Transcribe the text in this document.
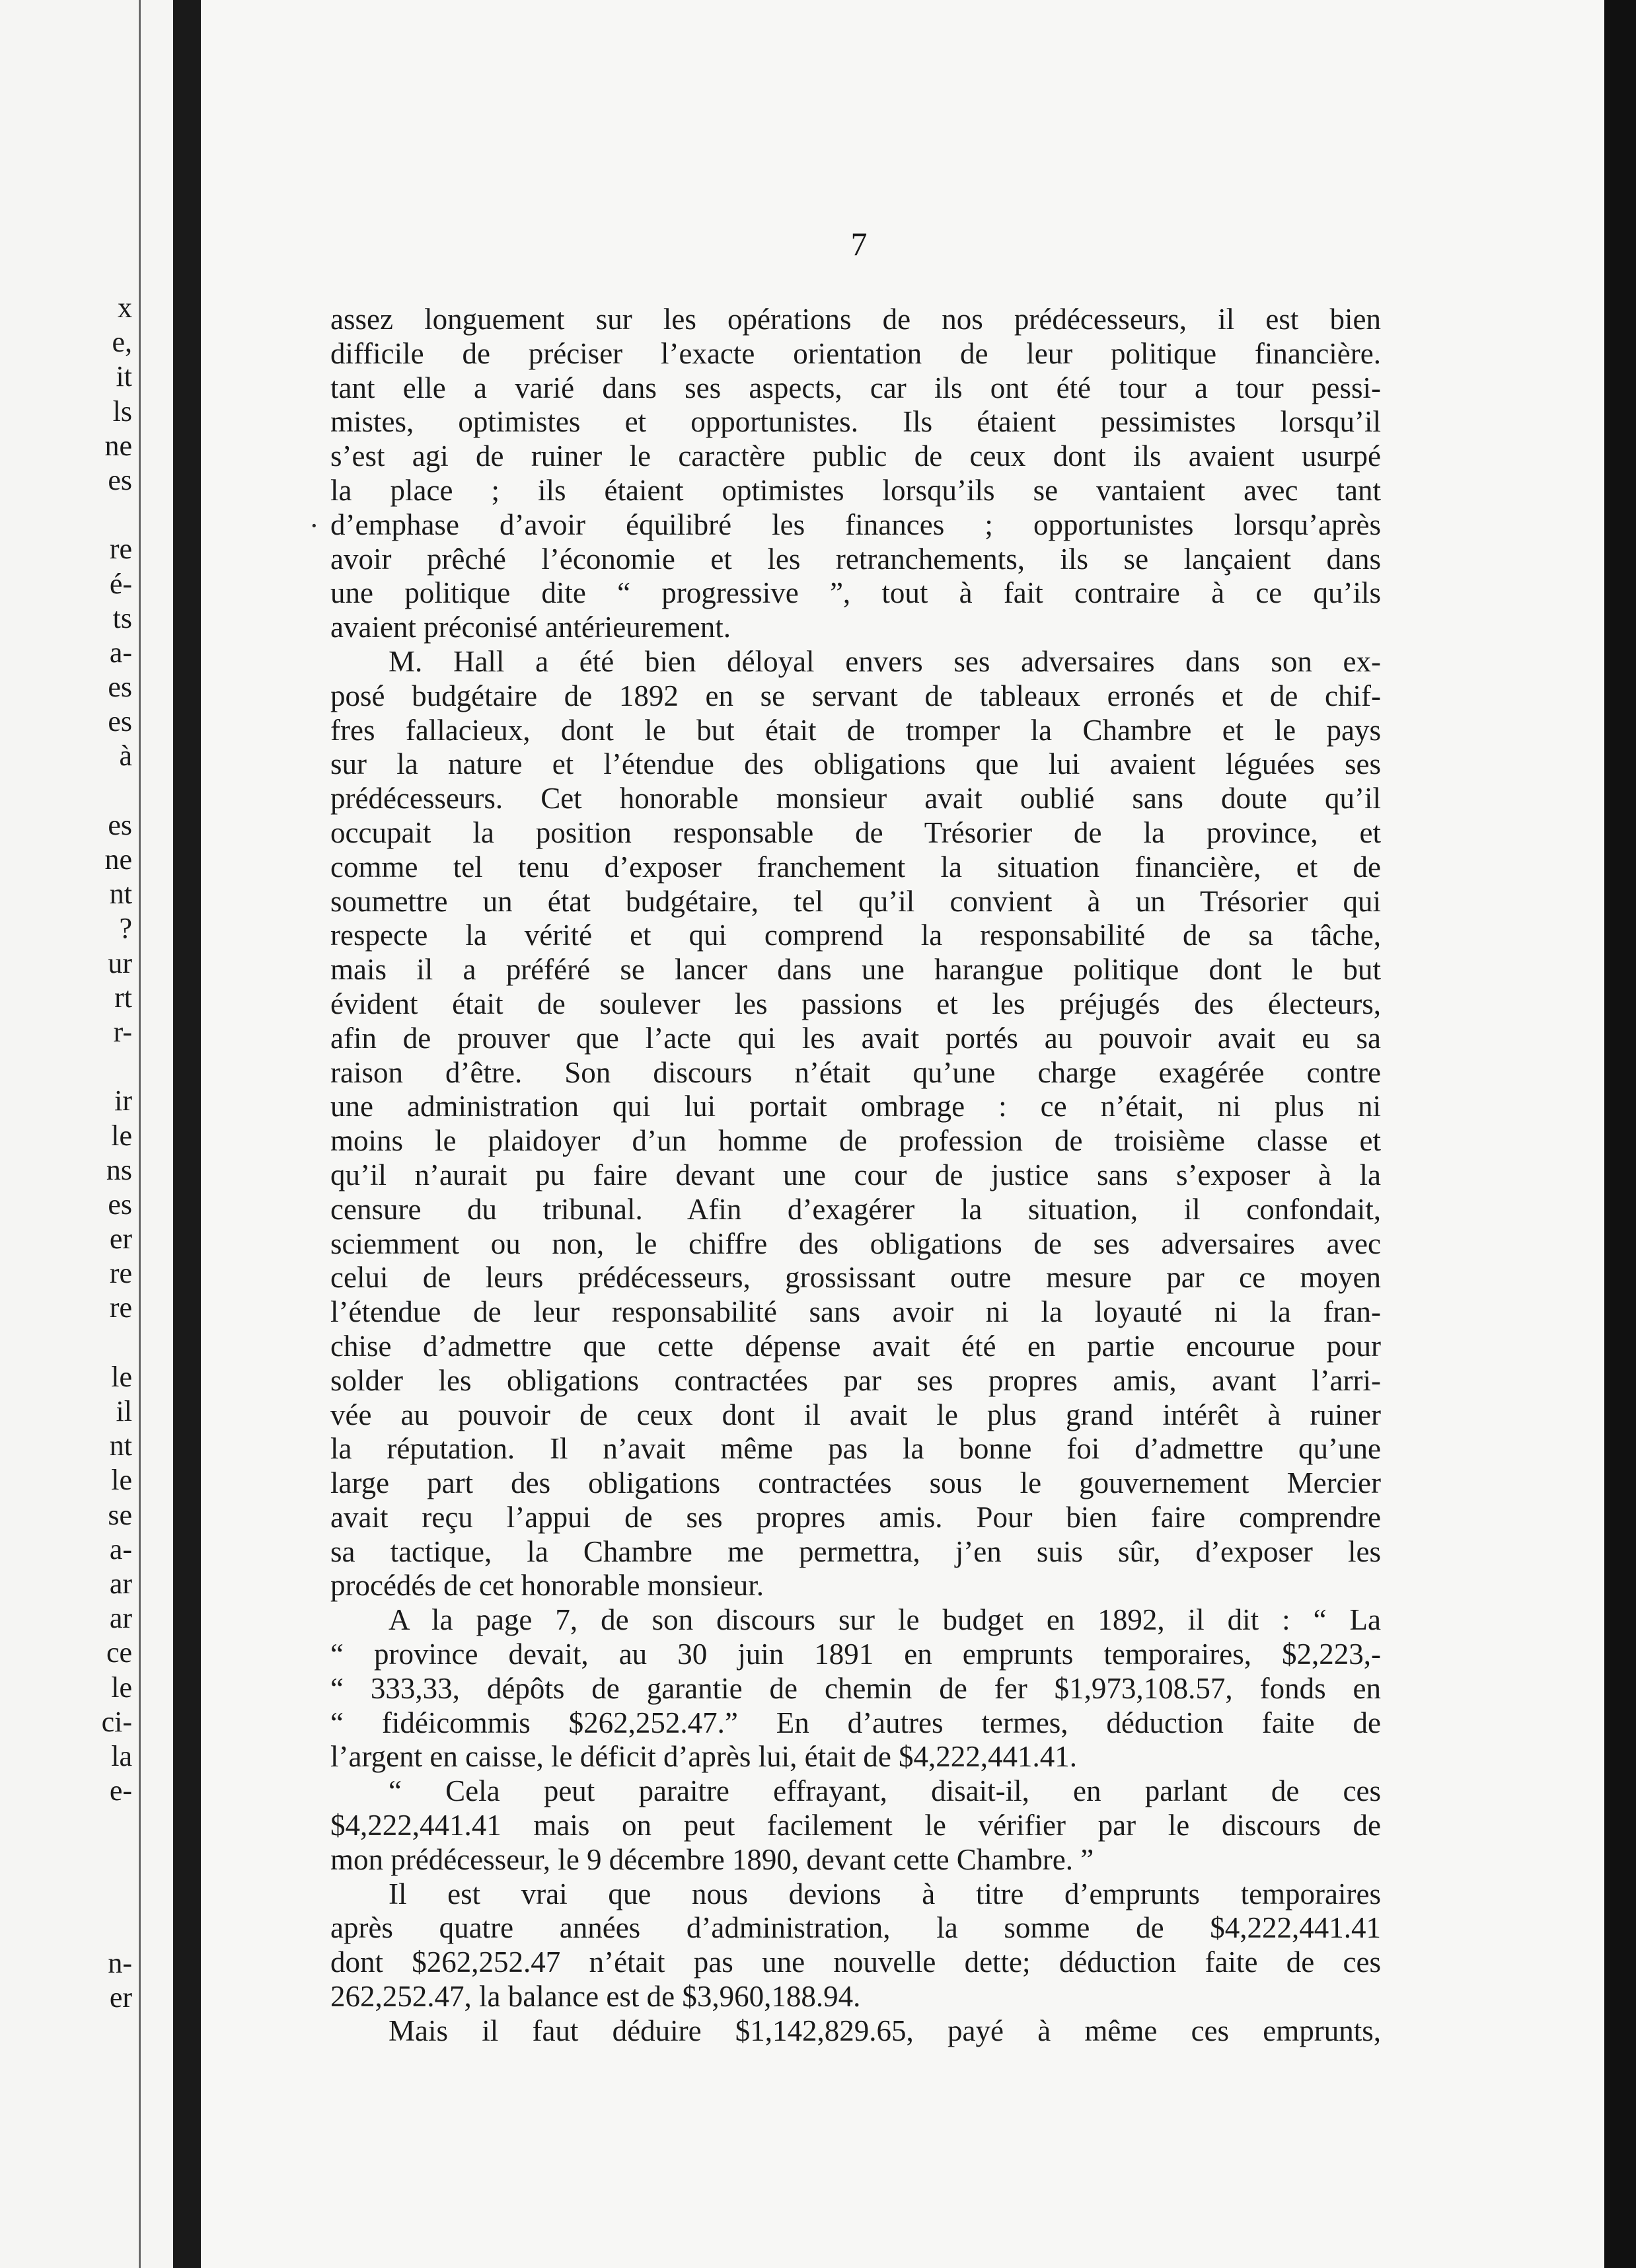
x
e,
it
ls
ne
es
re
é-
ts
a-
es
es
à
es
ne
nt
?
ur
rt
r-
ir
le
ns
es
er
re
re
le
il
nt
le
se
a-
ar
ar
ce
le
ci-
la
e-
n-
er
7
·
assez longuement sur les opérations de nos prédécesseurs, il est bien
difficile de préciser l’exacte orientation de leur politique financière.
tant elle a varié dans ses aspects, car ils ont été tour a tour pessi-
mistes, optimistes et opportunistes. Ils étaient pessimistes lorsqu’il
s’est agi de ruiner le caractère public de ceux dont ils avaient usurpé
la place ; ils étaient optimistes lorsqu’ils se vantaient avec tant
d’emphase d’avoir équilibré les finances ; opportunistes lorsqu’après
avoir prêché l’économie et les retranchements, ils se lançaient dans
une politique dite “ progressive ”, tout à fait contraire à ce qu’ils
avaient préconisé antérieurement.
M. Hall a été bien déloyal envers ses adversaires dans son ex-
posé budgétaire de 1892 en se servant de tableaux erronés et de chif-
fres fallacieux, dont le but était de tromper la Chambre et le pays
sur la nature et l’étendue des obligations que lui avaient léguées ses
prédécesseurs. Cet honorable monsieur avait oublié sans doute qu’il
occupait la position responsable de Trésorier de la province, et
comme tel tenu d’exposer franchement la situation financière, et de
soumettre un état budgétaire, tel qu’il convient à un Trésorier qui
respecte la vérité et qui comprend la responsabilité de sa tâche,
mais il a préféré se lancer dans une harangue politique dont le but
évident était de soulever les passions et les préjugés des électeurs,
afin de prouver que l’acte qui les avait portés au pouvoir avait eu sa
raison d’être. Son discours n’était qu’une charge exagérée contre
une administration qui lui portait ombrage : ce n’était, ni plus ni
moins le plaidoyer d’un homme de profession de troisième classe et
qu’il n’aurait pu faire devant une cour de justice sans s’exposer à la
censure du tribunal. Afin d’exagérer la situation, il confondait,
sciemment ou non, le chiffre des obligations de ses adversaires avec
celui de leurs prédécesseurs, grossissant outre mesure par ce moyen
l’étendue de leur responsabilité sans avoir ni la loyauté ni la fran-
chise d’admettre que cette dépense avait été en partie encourue pour
solder les obligations contractées par ses propres amis, avant l’arri-
vée au pouvoir de ceux dont il avait le plus grand intérêt à ruiner
la réputation. Il n’avait même pas la bonne foi d’admettre qu’une
large part des obligations contractées sous le gouvernement Mercier
avait reçu l’appui de ses propres amis. Pour bien faire comprendre
sa tactique, la Chambre me permettra, j’en suis sûr, d’exposer les
procédés de cet honorable monsieur.
A la page 7, de son discours sur le budget en 1892, il dit : “ La
“ province devait, au 30 juin 1891 en emprunts temporaires, $2,223,-
“ 333,33, dépôts de garantie de chemin de fer $1,973,108.57, fonds en
“ fidéicommis $262,252.47.” En d’autres termes, déduction faite de
l’argent en caisse, le déficit d’après lui, était de $4,222,441.41.
“ Cela peut paraitre effrayant, disait-il, en parlant de ces
$4,222,441.41 mais on peut facilement le vérifier par le discours de
mon prédécesseur, le 9 décembre 1890, devant cette Chambre. ”
Il est vrai que nous devions à titre d’emprunts temporaires
après quatre années d’administration, la somme de $4,222,441.41
dont $262,252.47 n’était pas une nouvelle dette; déduction faite de ces
262,252.47, la balance est de $3,960,188.94.
Mais il faut déduire $1,142,829.65, payé à même ces emprunts,
